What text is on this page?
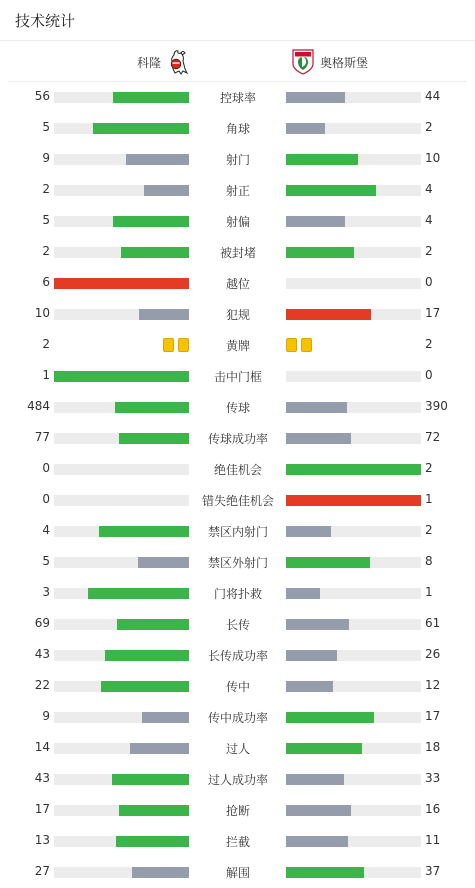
技术统计
科隆	奥格斯堡
56	控球率	44
5	角球	2
9	射门	10
2	射正	4
5	射偏	4
2	被封堵	2
6	越位	0
10	犯规	17
2	黄牌	2
1	击中门框	0
484	传球	390
77	传球成功率	72
0	绝佳机会	2
0	错失绝佳机会	1
4	禁区内射门	2
5	禁区外射门	8
3	门将扑救	1
69	长传	61
43	长传成功率	26
22	传中	12
9	传中成功率	17
14	过人	18
43	过人成功率	33
17	抢断	16
13	拦截	11
27	解围	37
